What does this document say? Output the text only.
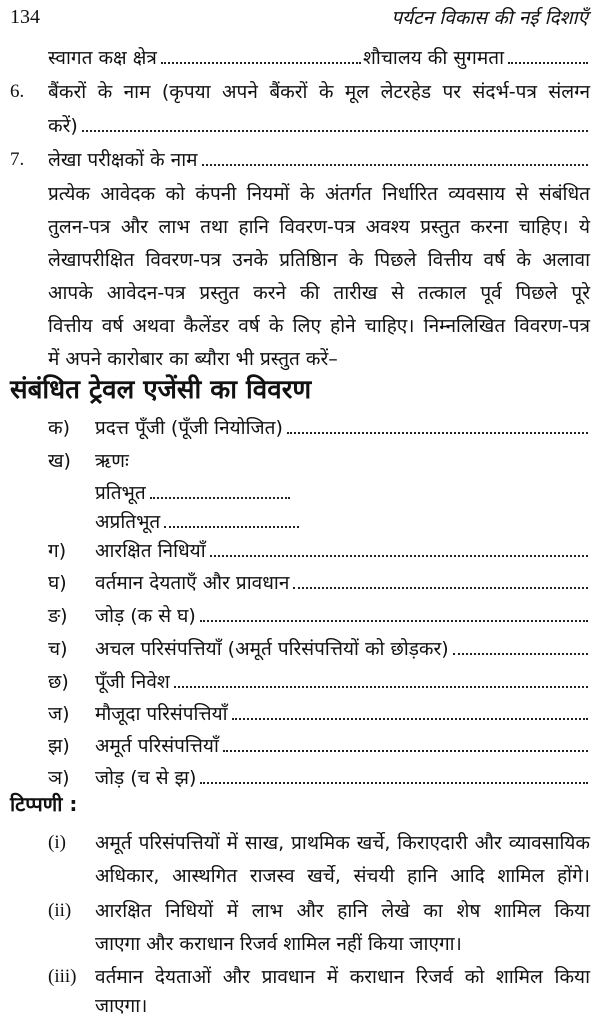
134	पर्यटन विकास की नई दिशाएँ
स्वागत कक्ष क्षेत्र	शौचालय की सुगमता
6. बैंकरों के नाम (कृपया अपने बैंकरों के मूल लेटरहेड पर संदर्भ-पत्र संलग्न
करें)
7. लेखा परीक्षकों के नाम
प्रत्येक आवेदक को कंपनी नियमों के अंतर्गत निर्धारित व्यवसाय से संबंधित
तुलन-पत्र और लाभ तथा हानि विवरण-पत्र अवश्य प्रस्तुत करना चाहिए। ये
लेखापरीक्षित विवरण-पत्र उनके प्रतिष्ठिान के पिछले वित्तीय वर्ष के अलावा
आपके आवेदन-पत्र प्रस्तुत करने की तारीख से तत्काल पूर्व पिछले पूरे
वित्तीय वर्ष अथवा कैलेंडर वर्ष के लिए होने चाहिए। निम्नलिखित विवरण-पत्र
में अपने कारोबार का ब्यौरा भी प्रस्तुत करें–
संबंधित ट्रेवल एजेंसी का विवरण
क) प्रदत्त पूँजी (पूँजी नियोजित)
ख) ऋणः
प्रतिभूत
अप्रतिभूत
ग) आरक्षित निधियाँ
घ) वर्तमान देयताएँ और प्रावधान
ङ) जोड़ (क से घ)
च) अचल परिसंपत्तियाँ (अमूर्त परिसंपत्तियों को छोड़कर)
छ) पूँजी निवेश
ज) मौजूदा परिसंपत्तियाँ
झ) अमूर्त परिसंपत्तियाँ
ञ) जोड़ (च से झ)
टिप्पणी :
(i) अमूर्त परिसंपत्तियों में साख, प्राथमिक खर्चे, किराएदारी और व्यावसायिक
अधिकार, आस्थगित राजस्व खर्चे, संचयी हानि आदि शामिल होंगे।
(ii) आरक्षित निधियों में लाभ और हानि लेखे का शेष शामिल किया
जाएगा और कराधान रिजर्व शामिल नहीं किया जाएगा।
(iii) वर्तमान देयताओं और प्रावधान में कराधान रिजर्व को शामिल किया
जाएगा।
